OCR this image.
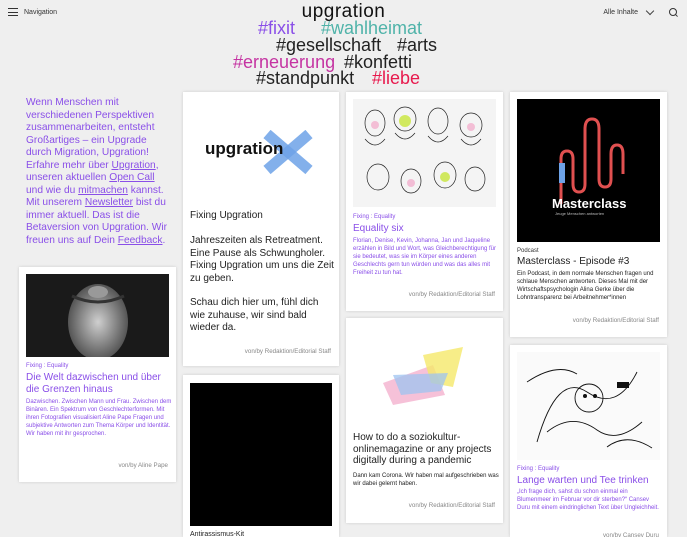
Navigation	Alle Inhalte
upgration
#fixit #wahlheimat
#gesellschaft #arts
#erneuerung #konfetti
#standpunkt #liebe
Wenn Menschen mit verschiedenen Perspektiven zusammenarbeiten, entsteht Großartiges – ein Upgrade durch Migration, Upgration! Erfahre mehr über Upgration, unseren aktuellen Open Call und wie du mitmachen kannst. Mit unserem Newsletter bist du immer aktuell. Das ist die Betaversion von Upgration. Wir freuen uns auf Dein Feedback.
upgration
Fixing Upgration
Jahreszeiten als Retreatment. Eine Pause als Schwungholer. Fixing Upgration um uns die Zeit zu geben.
Schau dich hier um, fühl dich wie zuhause, wir sind bald wieder da.
von/by Redaktion/Editorial Staff
Fixing : Equality
Equality six
Florian, Denise, Kevin, Johanna, Jan und Jaqueline erzählen in Bild und Wort, was Gleichberechtigung für sie bedeutet, was sie im Körper eines anderen Geschlechts gern tun würden und was das alles mit Freiheit zu tun hat.
von/by Redaktion/Editorial Staff
Masterclass
Jeuge Menschen antworten
Podcast
Masterclass - Episode #3
Ein Podcast, in dem normale Menschen fragen und schlaue Menschen antworten. Dieses Mal mit der Wirtschaftspsychologin Alina Gerke über die Lohntransparenz bei Arbeitnehmer*innen
von/by Redaktion/Editorial Staff
Fixing : Equality
Die Welt dazwischen und über die Grenzen hinaus
Dazwischen. Zwischen Mann und Frau. Zwischen dem Binären. Ein Spektrum von Geschlechterformen. Mit ihren Fotografien visualisiert Aline Pape Fragen und subjektive Antworten zum Thema Körper und Identität. Wir haben mit ihr gesprochen.
von/by Aline Pape
How to do a soziokultur-onlinemagazine or any projects digitally during a pandemic
Dann kam Corona. Wir haben mal aufgeschrieben was wir dabei gelernt haben.
von/by Redaktion/Editorial Staff
Fixing : Equality
Lange warten und Tee trinken
„Ich frage dich, sahst du schon einmal ein Blumenmeer im Februar vor dir sterben?“ Cansev Duru mit einem eindringlichen Text über Ungleichheit.
von/by Cansev Duru
Antirassismus-Kit
